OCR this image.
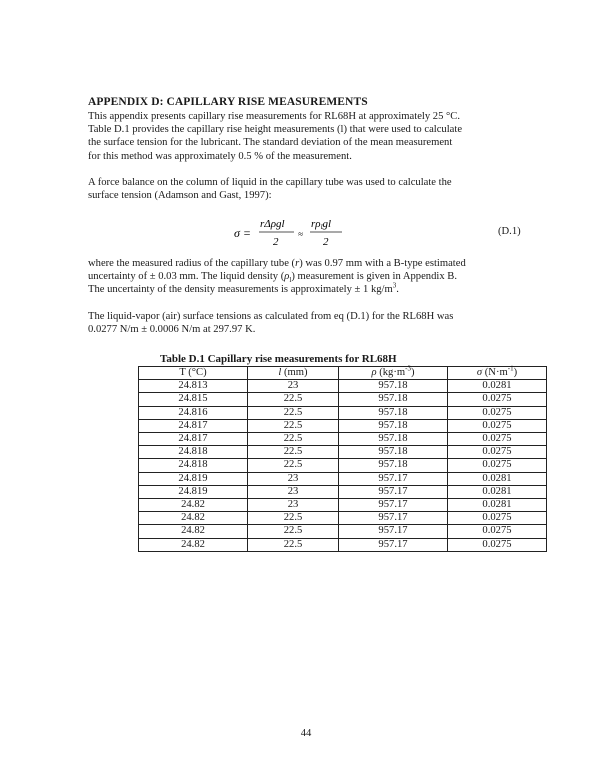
APPENDIX D: CAPILLARY RISE MEASUREMENTS
This appendix presents capillary rise measurements for RL68H at approximately 25 °C.
Table D.1 provides the capillary rise height measurements (l) that were used to calculate
the surface tension for the lubricant. The standard deviation of the mean measurement
for this method was approximately 0.5 % of the measurement.
A force balance on the column of liquid in the capillary tube was used to calculate the
surface tension (Adamson and Gast, 1997):
σ =
rΔρgl
2
≈
rρlgl
2
(D.1)
where the measured radius of the capillary tube (r) was 0.97 mm with a B-type estimated
uncertainty of ± 0.03 mm. The liquid density $(\rho_l)$ measurement is given in Appendix B.
The uncertainty of the density measurements is approximately ± 1 $kg/m^3$.
The liquid-vapor (air) surface tensions as calculated from eq (D.1) for the RL68H was
0.0277 N/m ± 0.0006 N/m at 297.97 K.
Table D.1 Capillary rise measurements for RL68H
T (°C)	l (mm)	ρ $(kg\cdot m^{-3})$	σ $(N\cdot m^{-1})$
24.813	23	957.18	0.0281
24.815	22.5	957.18	0.0275
24.816	22.5	957.18	0.0275
24.817	22.5	957.18	0.0275
24.817	22.5	957.18	0.0275
24.818	22.5	957.18	0.0275
24.818	22.5	957.18	0.0275
24.819	23	957.17	0.0281
24.819	23	957.17	0.0281
24.82	23	957.17	0.0281
24.82	22.5	957.17	0.0275
24.82	22.5	957.17	0.0275
24.82	22.5	957.17	0.0275
44
